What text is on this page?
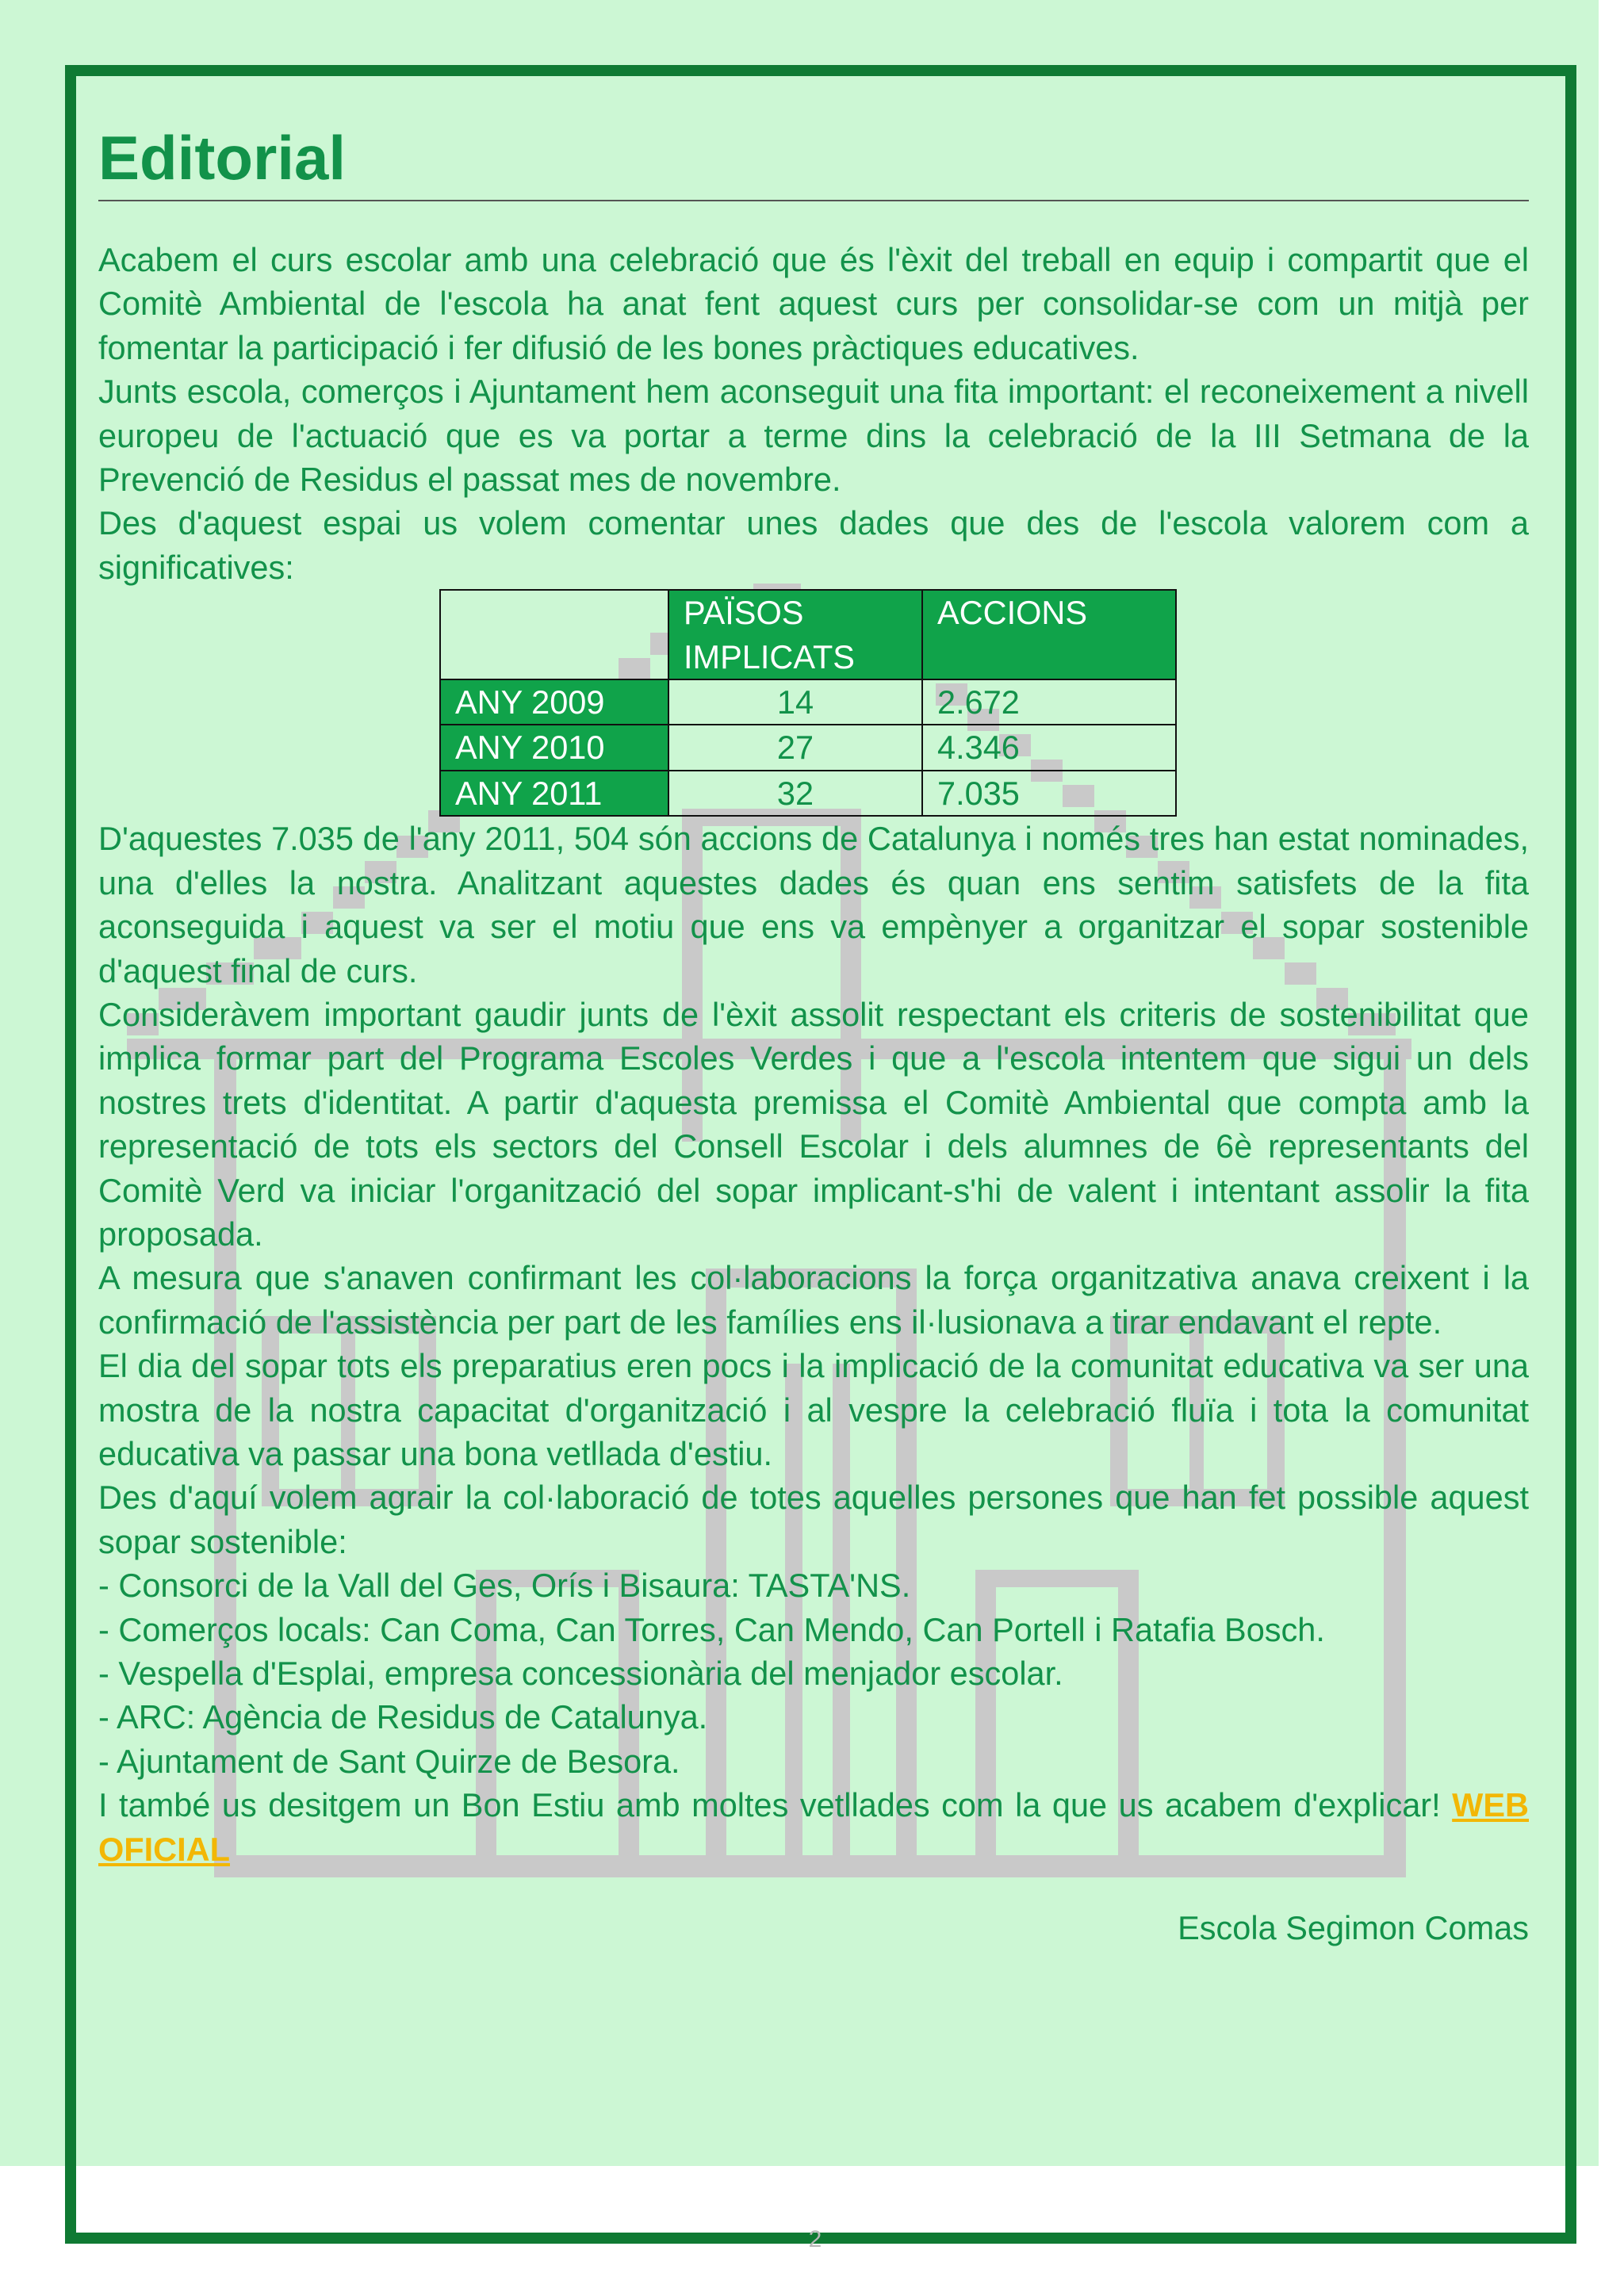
Editorial

Acabem el curs escolar amb una celebració que és l'èxit del treball en equip i compartit que el Comitè Ambiental de l'escola ha anat fent aquest curs per consolidar-se com un mitjà per fomentar la participació i fer difusió de les bones pràctiques educatives.

Junts escola, comerços i Ajuntament hem aconseguit una fita important: el reconeixement a nivell europeu de l'actuació que es va portar a terme dins la celebració de la III Setmana de la Prevenció de Residus el passat mes de novembre.

Des d'aquest espai us volem comentar unes dades que des de l'escola valorem com a significatives:

	PAÏSOS IMPLICATS	ACCIONS
ANY 2009	14	2.672
ANY 2010	27	4.346
ANY 2011	32	7.035

D'aquestes 7.035 de l'any 2011, 504 són accions de Catalunya i només tres han estat nominades, una d'elles la nostra. Analitzant aquestes dades és quan ens sentim satisfets de la fita aconseguida i aquest va ser el motiu que ens va empènyer a organitzar el sopar sostenible d'aquest final de curs.

Consideràvem important gaudir junts de l'èxit assolit respectant els criteris de sostenibilitat que implica formar part del Programa Escoles Verdes i que a l'escola intentem que sigui un dels nostres trets d'identitat. A partir d'aquesta premissa el Comitè Ambiental que compta amb la representació de tots els sectors del Consell Escolar i dels alumnes de 6è representants del Comitè Verd va iniciar l'organització del sopar implicant-s'hi de valent i intentant assolir la fita proposada.

A mesura que s'anaven confirmant les col·laboracions la força organitzativa anava creixent i la confirmació de l'assistència per part de les famílies ens il·lusionava a tirar endavant el repte.

El dia del sopar tots els preparatius eren pocs i la implicació de la comunitat educativa va ser una mostra de la nostra capacitat d'organització i al vespre la celebració fluïa i tota la comunitat educativa va passar una bona vetllada d'estiu.

Des d'aquí volem agrair la col·laboració de totes aquelles persones que han fet possible aquest sopar sostenible:

- Consorci de la Vall del Ges, Orís i Bisaura: TASTA'NS.

- Comerços locals: Can Coma, Can Torres, Can Mendo, Can Portell i Ratafia Bosch.

- Vespella d'Esplai, empresa concessionària del menjador escolar.

- ARC: Agència de Residus de Catalunya.

- Ajuntament de Sant Quirze de Besora.

I també us desitgem un Bon Estiu amb moltes vetllades com la que us acabem d'explicar! WEB OFICIAL

Escola Segimon Comas
2
